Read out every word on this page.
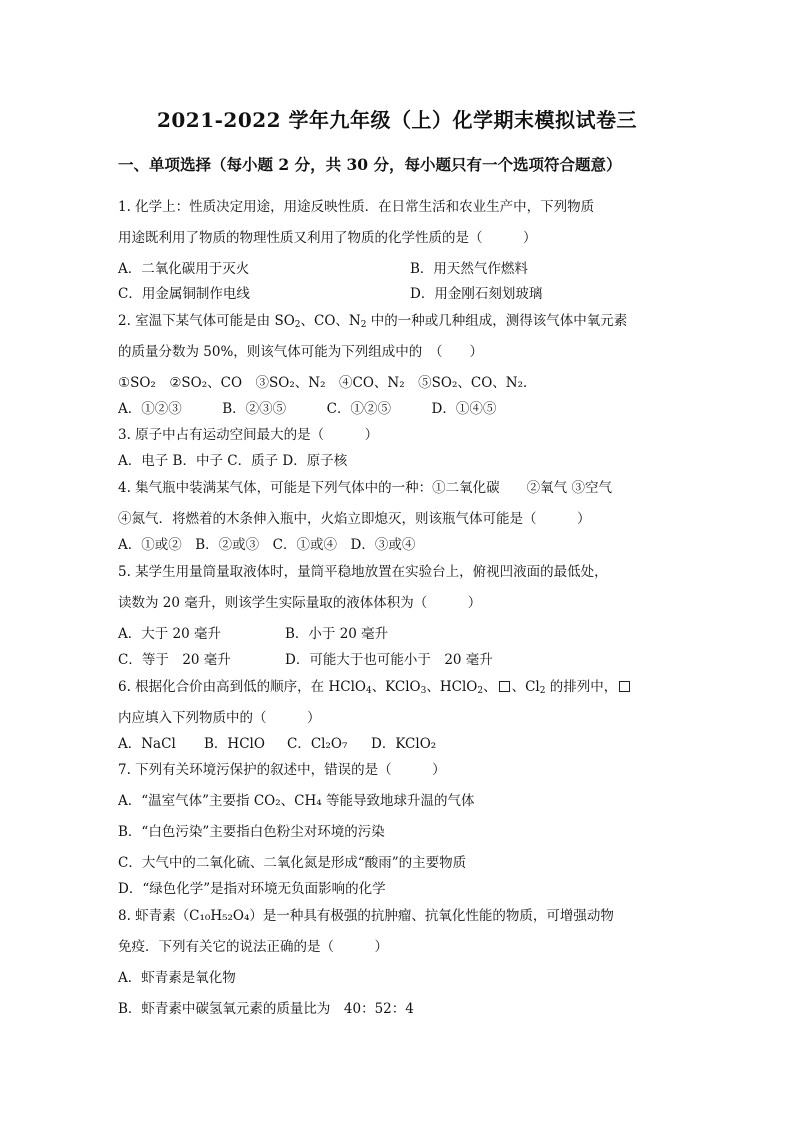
2021-2022 学年九年级（上）化学期末模拟试卷三
一、单项选择（每小题 2 分，共 30 分，每小题只有一个选项符合题意）
1. 化学上：性质决定用途，用途反映性质．在日常生活和农业生产中，下列物质
用途既利用了物质的物理性质又利用了物质的化学性质的是（　　　）
A．二氧化碳用于灭火	B．用天然气作燃料
C．用金属铜制作电线	D．用金刚石刻划玻璃
2. 室温下某气体可能是由 $SO_2$、CO、$N_2$ 中的一种或几种组成，测得该气体中氧元素
的质量分数为 50%，则该气体可能为下列组成中的　（　　）
①SO₂　②SO₂、CO　③SO₂、N₂　④CO、N₂　⑤SO₂、CO、N₂．
A．①②③　　　B．②③⑤　　　C．①②⑤　　　D．①④⑤
3. 原子中占有运动空间最大的是（　　　）
A．电子 B．中子 C．质子 D．原子核
4. 集气瓶中装满某气体，可能是下列气体中的一种：①二氧化碳　　②氧气 ③空气
④氮气．将燃着的木条伸入瓶中，火焰立即熄灭，则该瓶气体可能是（　　　）
A．①或②　B．②或③　C．①或④　D．③或④
5. 某学生用量筒量取液体时，量筒平稳地放置在实验台上，俯视凹液面的最低处，
读数为 20 毫升，则该学生实际量取的液体体积为（　　　）
A．大于 20 毫升	B．小于 20 毫升
C．等于　20 毫升	D．可能大于也可能小于　20 毫升
6. 根据化合价由高到低的顺序，在 HClO$_4$、KClO$_3$、HClO$_2$、 、$Cl_2$ 的排列中，
内应填入下列物质中的（　　　）
A．NaCl B．HClO C．Cl₂O₇ D．KClO₂
7. 下列有关环境污保护的叙述中，错误的是（　　　）
A．“温室气体”主要指 CO₂、CH₄ 等能导致地球升温的气体
B．“白色污染”主要指白色粉尘对环境的污染
C．大气中的二氧化硫、二氧化氮是形成“酸雨”的主要物质
D．“绿色化学”是指对环境无负面影响的化学
8. 虾青素（C₁₀H₅₂O₄）是一种具有极强的抗肿瘤、抗氧化性能的物质，可增强动物
免疫．下列有关它的说法正确的是（　　　）
A．虾青素是氧化物
B．虾青素中碳氢氧元素的质量比为　40：52：4
